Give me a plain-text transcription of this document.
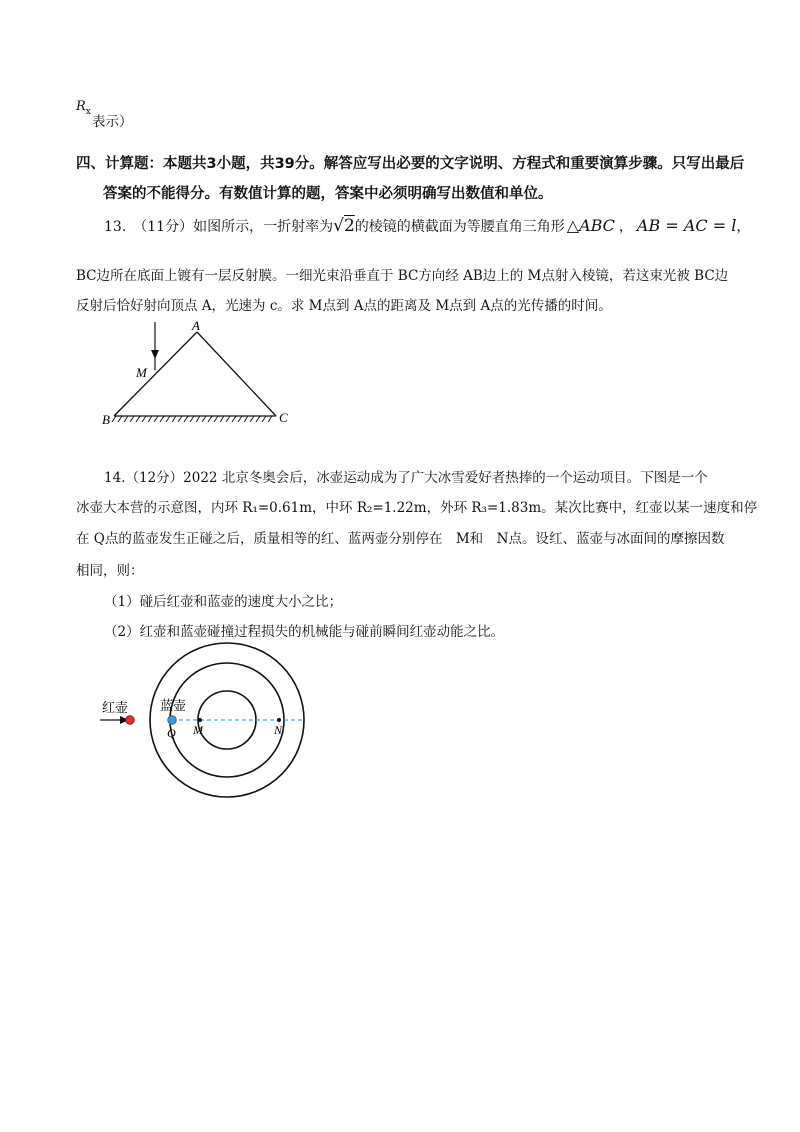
$R_x$
表示）
四、计算题：本题共3小题，共39分。解答应写出必要的文字说明、方程式和重要演算步骤。只写出最后
答案的不能得分。有数值计算的题，答案中必须明确写出数值和单位。
13.　（11分）如图所示，一折射率为√2的棱镜的横截面为等腰直角三角形 △ABC ， AB = AC = l，
BC边所在底面上镀有一层反射膜。一细光束沿垂直于 BC方向经 AB边上的 M点射入棱镜，若这束光被 BC边
反射后恰好射向顶点 A，光速为 c。求 M点到 A点的距离及 M点到 A点的光传播的时间。
A
M
B	C
14.（12分）2022 北京冬奥会后，冰壶运动成为了广大冰雪爱好者热捧的一个运动项目。下图是一个
冰壶大本营的示意图，内环 R₁=0.61m，中环 R₂=1.22m，外环 R₃=1.83m。某次比赛中，红壶以某一速度和停
在 Q点的蓝壶发生正碰之后，质量相等的红、蓝两壶分别停在　M和　N点。设红、蓝壶与冰面间的摩擦因数
相同，则：
（1）碰后红壶和蓝壶的速度大小之比；
（2）红壶和蓝壶碰撞过程损失的机械能与碰前瞬间红壶动能之比。
红壶 蓝壶
Q M	N
